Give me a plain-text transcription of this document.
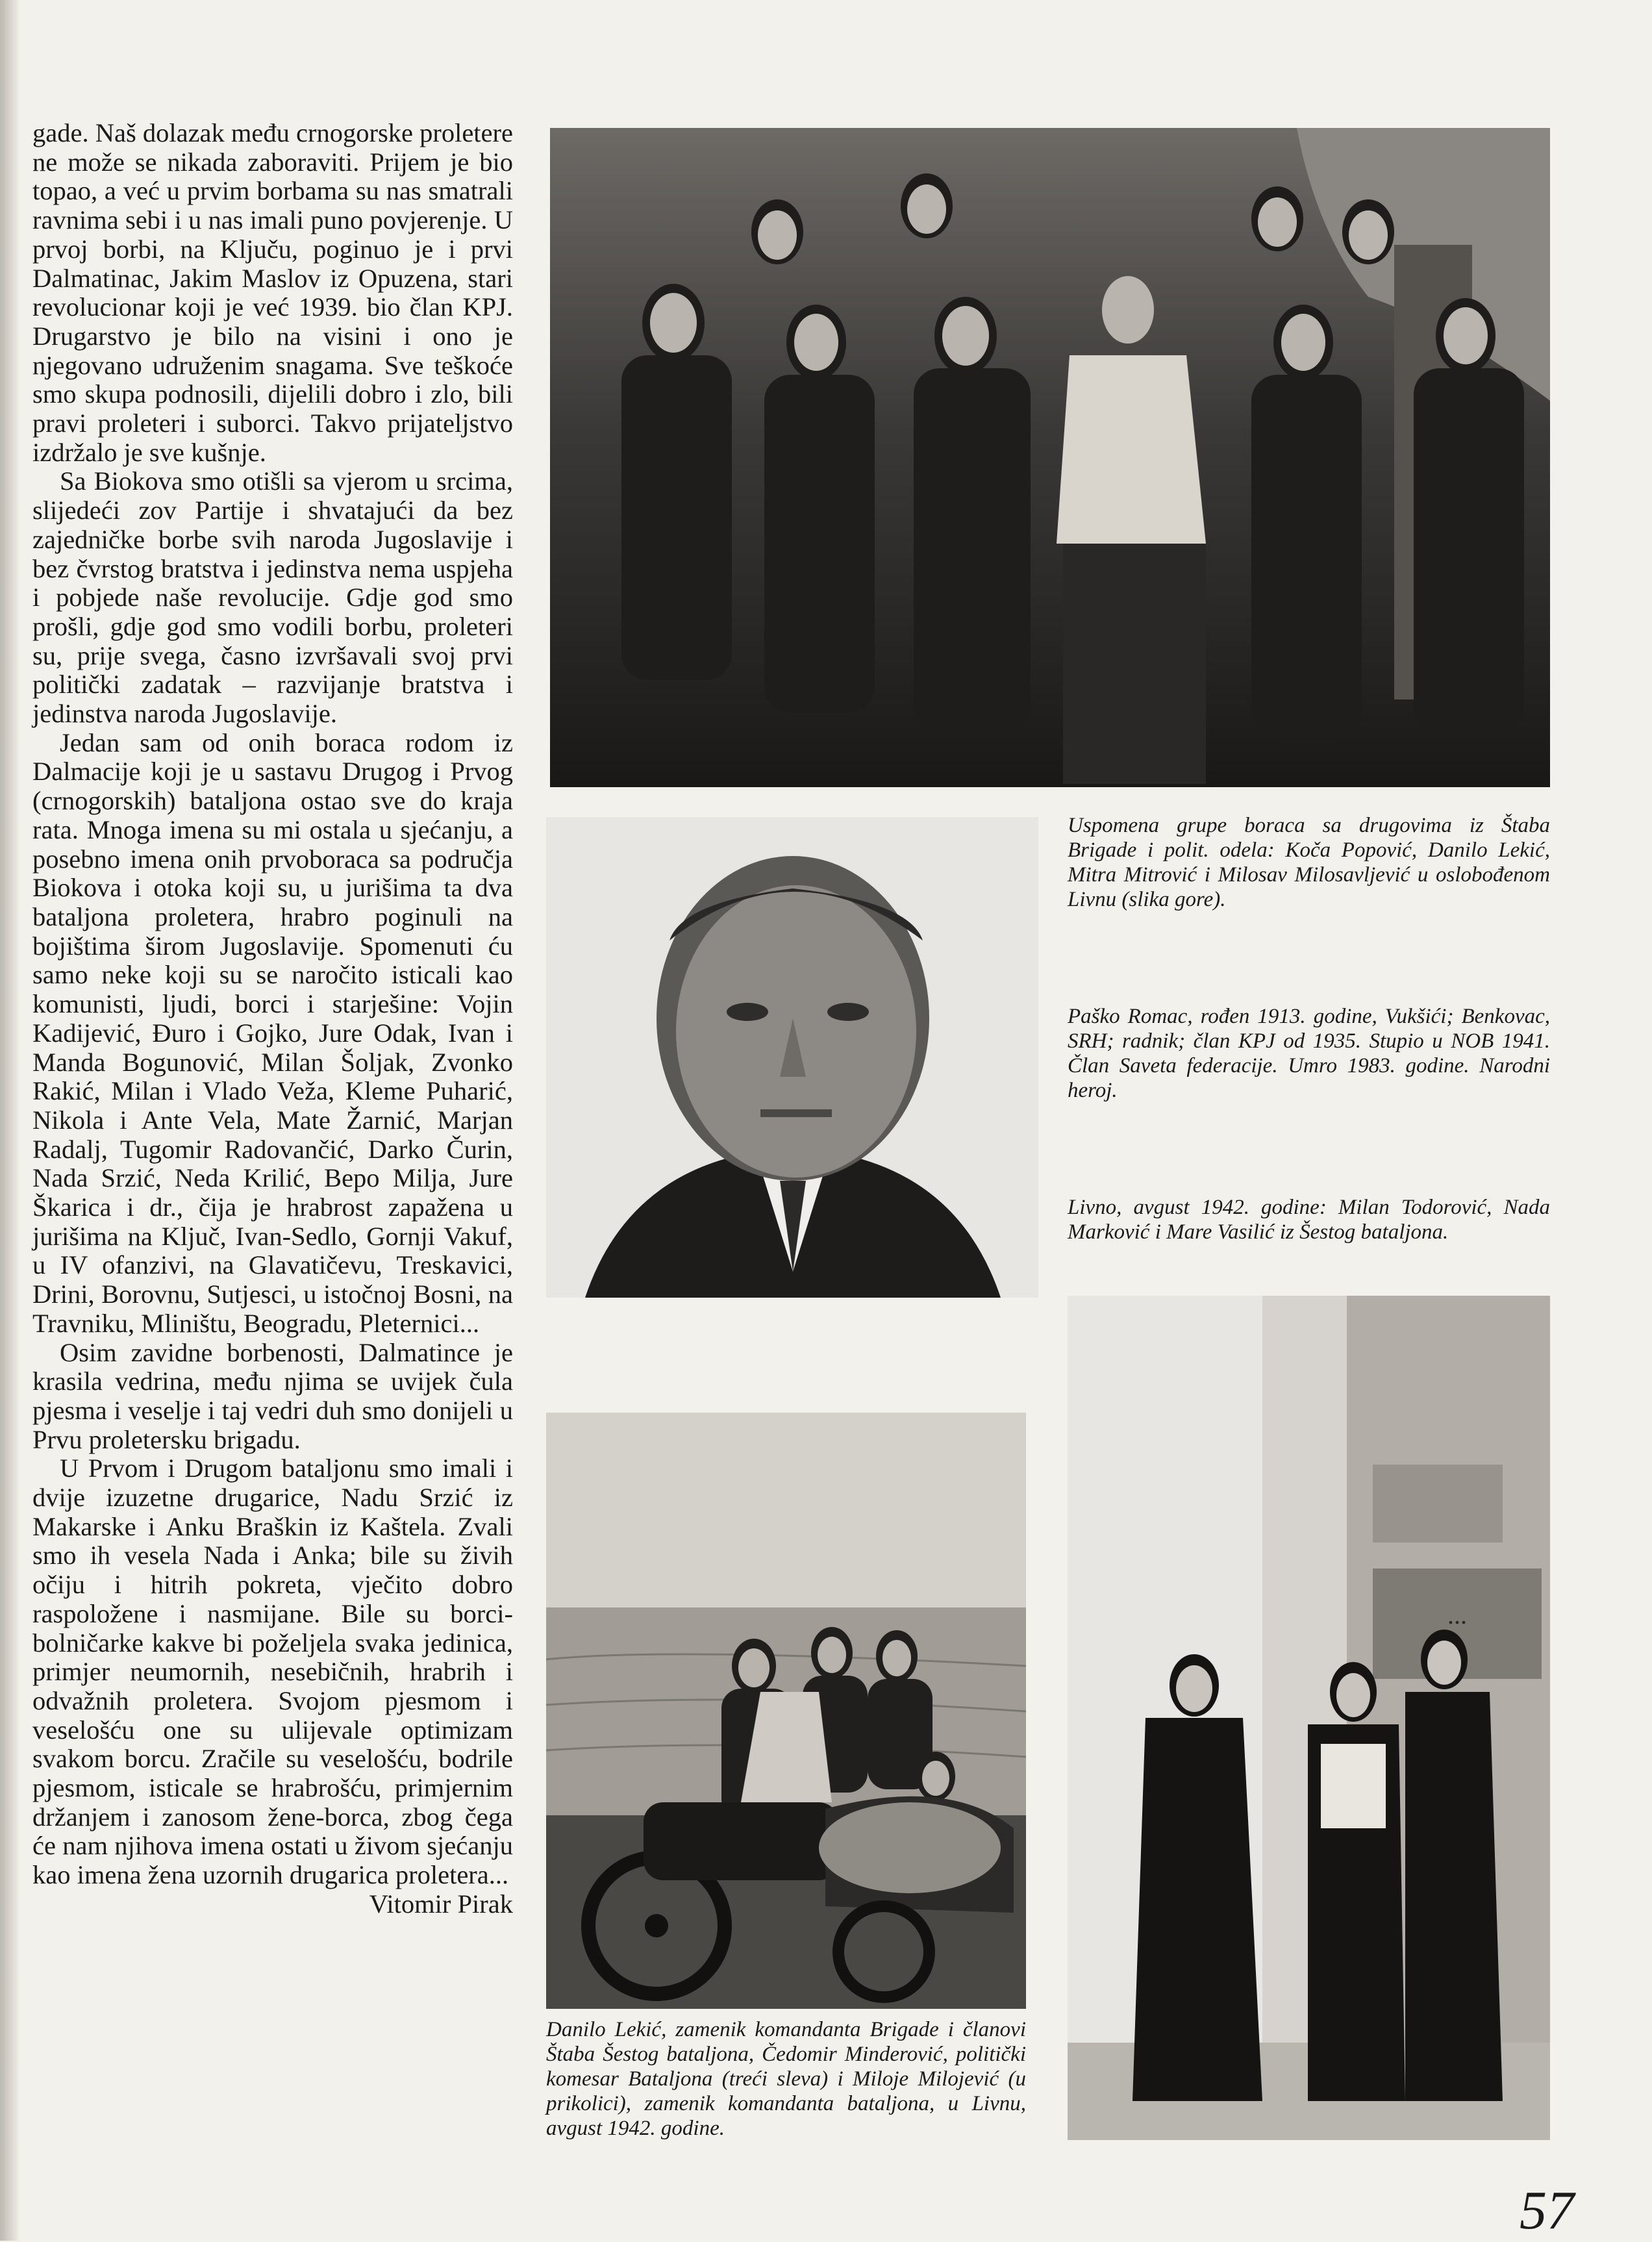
gade. Naš dolazak među crnogorske proletere ne može se nikada zaboraviti. Prijem je bio topao, a već u prvim borbama su nas smatrali ravnima sebi i u nas imali puno povjerenje. U prvoj borbi, na Ključu, poginuo je i prvi Dalmatinac, Jakim Maslov iz Opuzena, stari revolucionar koji je već 1939. bio član KPJ. Drugarstvo je bilo na visini i ono je njegovano udruženim snagama. Sve teškoće smo skupa podnosili, dijelili dobro i zlo, bili pravi proleteri i suborci. Takvo prijateljstvo izdržalo je sve kušnje.

Sa Biokova smo otišli sa vjerom u srcima, slijedeći zov Partije i shvatajući da bez zajedničke borbe svih naroda Jugoslavije i bez čvrstog bratstva i jedinstva nema uspjeha i pobjede naše revolucije. Gdje god smo prošli, gdje god smo vodili borbu, proleteri su, prije svega, časno izvršavali svoj prvi politički zadatak – razvijanje bratstva i jedinstva naroda Jugoslavije.

Jedan sam od onih boraca rodom iz Dalmacije koji je u sastavu Drugog i Prvog (crnogorskih) bataljona ostao sve do kraja rata. Mnoga imena su mi ostala u sjećanju, a posebno imena onih prvoboraca sa područja Biokova i otoka koji su, u jurišima ta dva bataljona proletera, hrabro poginuli na bojištima širom Jugoslavije. Spomenuti ću samo neke koji su se naročito isticali kao komunisti, ljudi, borci i starješine: Vojin Kadijević, Đuro i Gojko, Jure Odak, Ivan i Manda Bogunović, Milan Šoljak, Zvonko Rakić, Milan i Vlado Veža, Kleme Puharić, Nikola i Ante Vela, Mate Žarnić, Marjan Radalj, Tugomir Radovančić, Darko Čurin, Nada Srzić, Neda Krilić, Bepo Milja, Jure Škarica i dr., čija je hrabrost zapažena u jurišima na Ključ, Ivan-Sedlo, Gornji Vakuf, u IV ofanzivi, na Glavatičevu, Treskavici, Drini, Borovnu, Sutjesci, u istočnoj Bosni, na Travniku, Mliništu, Beogradu, Pleternici...

Osim zavidne borbenosti, Dalmatince je krasila vedrina, među njima se uvijek čula pjesma i veselje i taj vedri duh smo donijeli u Prvu proletersku brigadu.

U Prvom i Drugom bataljonu smo imali i dvije izuzetne drugarice, Nadu Srzić iz Makarske i Anku Braškin iz Kaštela. Zvali smo ih vesela Nada i Anka; bile su živih očiju i hitrih pokreta, vječito dobro raspoložene i nasmijane. Bile su borci-bolničarke kakve bi poželjela svaka jedinica, primjer neumornih, nesebičnih, hrabrih i odvažnih proletera. Svojom pjesmom i veselošću one su ulijevale optimizam svakom borcu. Zračile su veselošću, bodrile pjesmom, isticale se hrabrošću, primjernim držanjem i zanosom žene-borca, zbog čega će nam njihova imena ostati u živom sjećanju kao imena žena uzornih drugarica proletera...

Vitomir Pirak
Uspomena grupe boraca sa drugovima iz Štaba Brigade i polit. odela: Koča Popović, Danilo Lekić, Mitra Mitrović i Milosav Milosavljević u oslobođenom Livnu (slika gore).
Paško Romac, rođen 1913. godine, Vukšići; Benkovac, SRH; radnik; član KPJ od 1935. Stupio u NOB 1941. Član Saveta federacije. Umro 1983. godine. Narodni heroj.
Livno, avgust 1942. godine: Milan Todorović, Nada Marković i Mare Vasilić iz Šestog bataljona.
Danilo Lekić, zamenik komandanta Brigade i članovi Štaba Šestog bataljona, Čedomir Minderović, politički komesar Bataljona (treći sleva) i Miloje Milojević (u prikolici), zamenik komandanta bataljona, u Livnu, avgust 1942. godine.
...
57
